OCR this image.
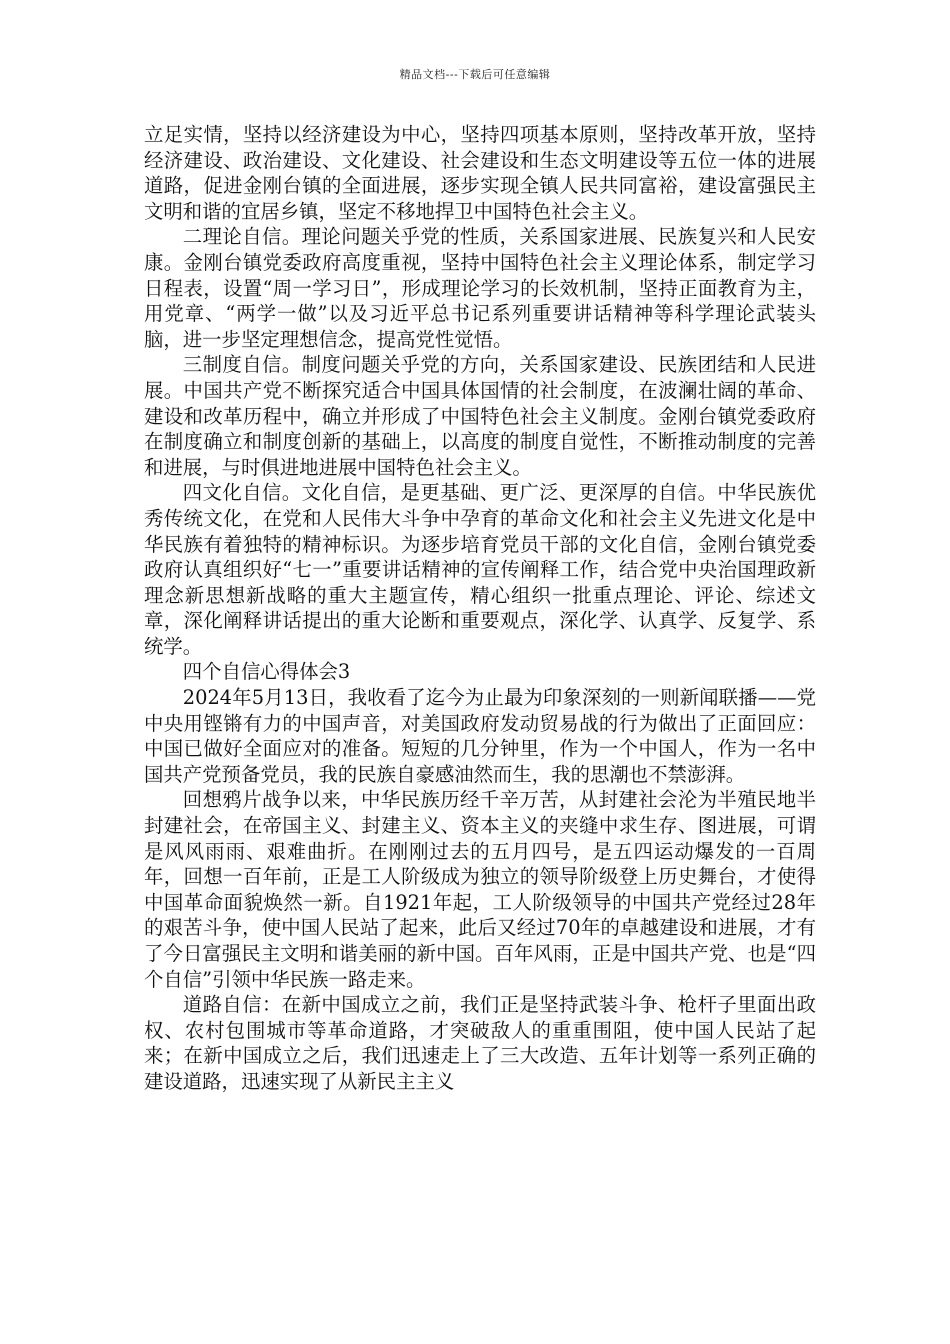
精品文档---下载后可任意编辑

立足实情，坚持以经济建设为中心，坚持四项基本原则，坚持改革开放，坚持经济建设、政治建设、文化建设、社会建设和生态文明建设等五位一体的进展道路，促进金刚台镇的全面进展，逐步实现全镇人民共同富裕，建设富强民主文明和谐的宜居乡镇，坚定不移地捍卫中国特色社会主义。

二理论自信。理论问题关乎党的性质，关系国家进展、民族复兴和人民安康。金刚台镇党委政府高度重视，坚持中国特色社会主义理论体系，制定学习日程表，设置“周一学习日”，形成理论学习的长效机制，坚持正面教育为主，用党章、“两学一做”以及习近平总书记系列重要讲话精神等科学理论武装头脑，进一步坚定理想信念，提高党性觉悟。

三制度自信。制度问题关乎党的方向，关系国家建设、民族团结和人民进展。中国共产党不断探究适合中国具体国情的社会制度，在波澜壮阔的革命、建设和改革历程中，确立并形成了中国特色社会主义制度。金刚台镇党委政府在制度确立和制度创新的基础上，以高度的制度自觉性，不断推动制度的完善和进展，与时俱进地进展中国特色社会主义。

四文化自信。文化自信，是更基础、更广泛、更深厚的自信。中华民族优秀传统文化，在党和人民伟大斗争中孕育的革命文化和社会主义先进文化是中华民族有着独特的精神标识。为逐步培育党员干部的文化自信，金刚台镇党委政府认真组织好“七一”重要讲话精神的宣传阐释工作，结合党中央治国理政新理念新思想新战略的重大主题宣传，精心组织一批重点理论、评论、综述文章，深化阐释讲话提出的重大论断和重要观点，深化学、认真学、反复学、系统学。

四个自信心得体会3

2024年5月13日，我收看了迄今为止最为印象深刻的一则新闻联播——党中央用铿锵有力的中国声音，对美国政府发动贸易战的行为做出了正面回应：中国已做好全面应对的准备。短短的几分钟里，作为一个中国人，作为一名中国共产党预备党员，我的民族自豪感油然而生，我的思潮也不禁澎湃。

回想鸦片战争以来，中华民族历经千辛万苦，从封建社会沦为半殖民地半封建社会，在帝国主义、封建主义、资本主义的夹缝中求生存、图进展，可谓是风风雨雨、艰难曲折。在刚刚过去的五月四号，是五四运动爆发的一百周年，回想一百年前，正是工人阶级成为独立的领导阶级登上历史舞台，才使得中国革命面貌焕然一新。自1921年起，工人阶级领导的中国共产党经过28年的艰苦斗争，使中国人民站了起来，此后又经过70年的卓越建设和进展，才有了今日富强民主文明和谐美丽的新中国。百年风雨，正是中国共产党、也是“四个自信”引领中华民族一路走来。

道路自信：在新中国成立之前，我们正是坚持武装斗争、枪杆子里面出政权、农村包围城市等革命道路，才突破敌人的重重围阻，使中国人民站了起来；在新中国成立之后，我们迅速走上了三大改造、五年计划等一系列正确的建设道路，迅速实现了从新民主主义
